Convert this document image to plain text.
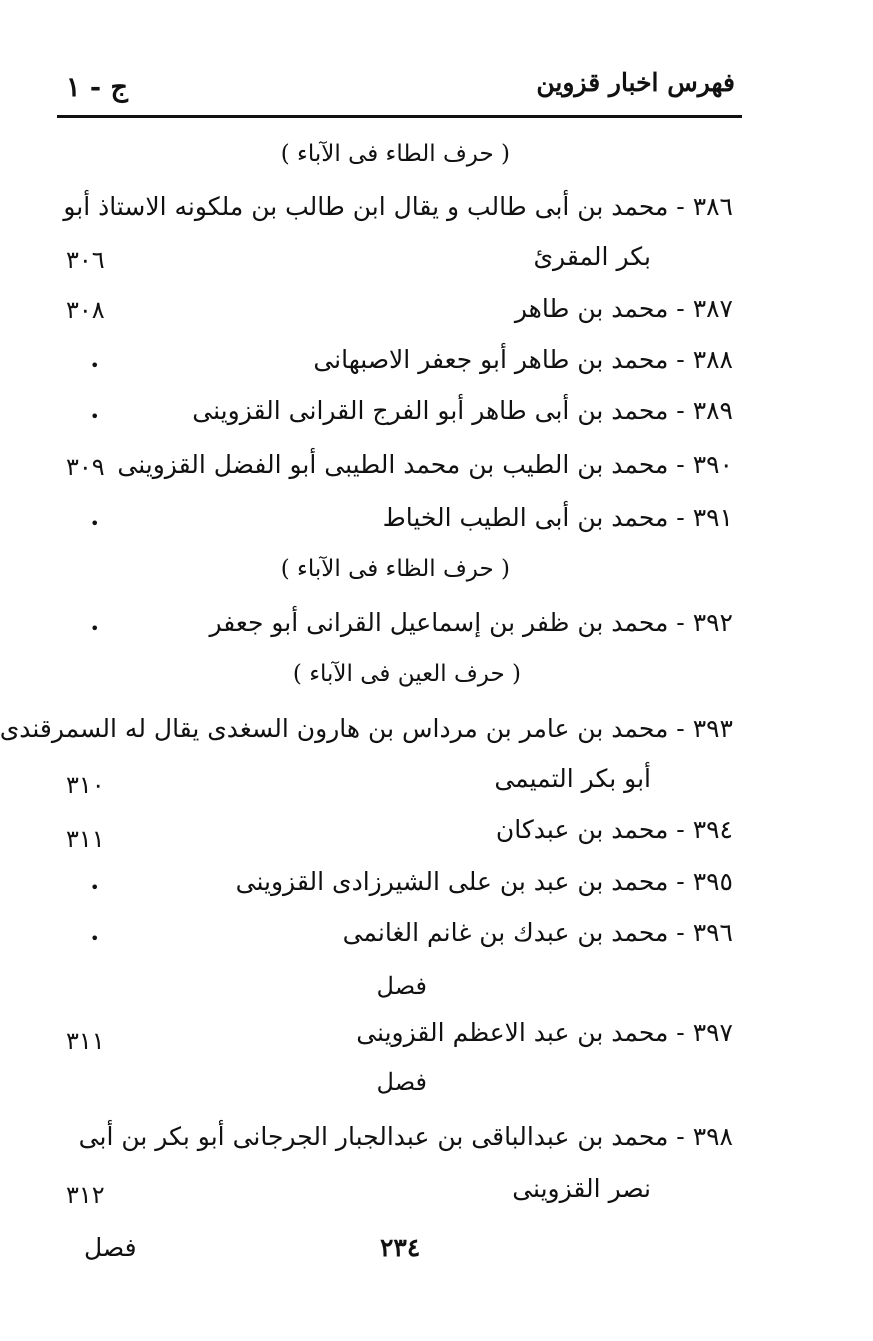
فهرس اخبار قزوين
ج - ١
( حرف الطاء فی الآباء )
٣٨٦ - محمد بن أبی طالب و يقال ابن طالب بن ملكونه الاستاذ أبو
بكر المقرئ
٣٠٦
٣٨٧ - محمد بن طاهر
٣٠٨
٣٨٨ - محمد بن طاهر أبو جعفر الاصبهانی
•
٣٨٩ - محمد بن أبی طاهر أبو الفرج القرانی القزوينی
•
٣٩٠ - محمد بن الطيب بن محمد الطيبی أبو الفضل القزوينی
٣٠٩
٣٩١ - محمد بن أبی الطيب الخياط
•
( حرف الظاء فی الآباء )
٣٩٢ - محمد بن ظفر بن إسماعيل القرانی أبو جعفر
•
( حرف العين فی الآباء )
٣٩٣ - محمد بن عامر بن مرداس بن هارون السغدی يقال له السمرقندی
أبو بكر التميمی
٣١٠
٣٩٤ - محمد بن عبدكان
٣١١
٣٩٥ - محمد بن عبد بن علی الشيرزادی القزوينی
•
٣٩٦ - محمد بن عبدك بن غانم الغانمی
•
فصل
٣٩٧ - محمد بن عبد الاعظم القزوينی
٣١١
فصل
٣٩٨ - محمد بن عبدالباقی بن عبدالجبار الجرجانی أبو بكر بن أبی
نصر القزوينی
٣١٢
٢٣٤
فصل
